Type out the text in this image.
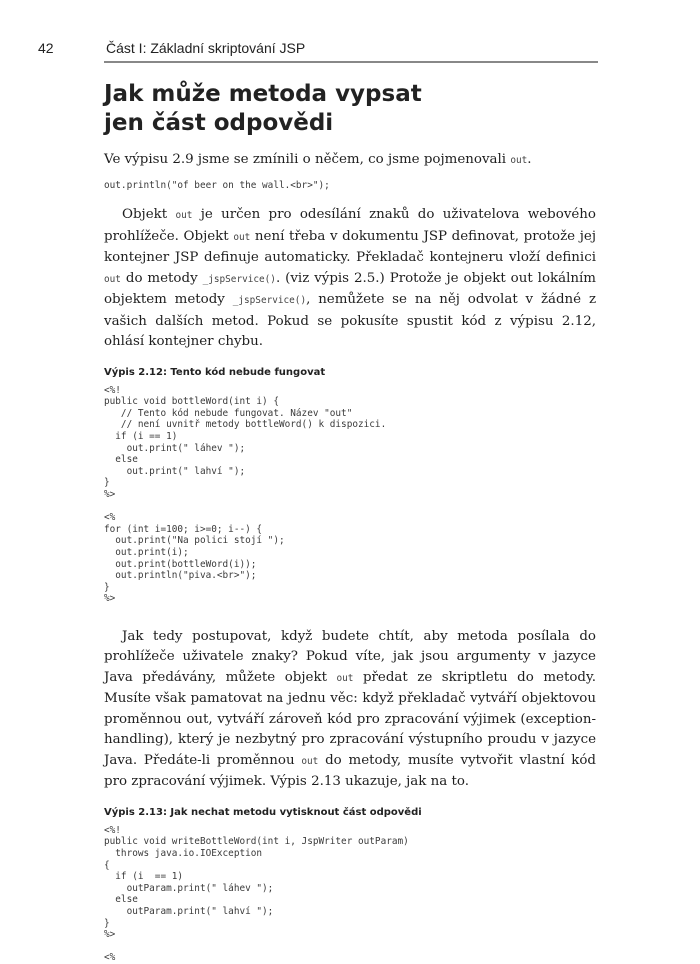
42	Část I: Základní skriptování JSP
Jak může metoda vypsat
jen část odpovědi

Ve výpisu 2.9 jsme se zmínili o něčem, co jsme pojmenovali out.

out.println("of beer on the wall.<br>");

Objekt out je určen pro odesílání znaků do uživatelova webového prohlížeče. Objekt out není třeba v dokumentu JSP definovat, protože jej kontejner JSP definuje automaticky. Překladač kontejneru vloží definici out do metody _jspService(). (viz výpis 2.5.) Protože je objekt out lokálním objektem metody _jspService(), nemůžete se na něj odvolat v žádné z vašich dalších metod. Pokud se pokusíte spustit kód z výpisu 2.12, ohlásí kontejner chybu.

Výpis 2.12: Tento kód nebude fungovat
<%!
public void bottleWord(int i) {
// Tento kód nebude fungovat. Název "out"
// není uvnitř metody bottleWord() k dispozici.
if (i == 1)
out.print(" láhev ");
else
out.print(" lahví ");
}
%>

<%
for (int i=100; i>=0; i--) {
out.print("Na polici stojí ");
out.print(i);
out.print(bottleWord(i));
out.println("piva.<br>");
}
%>

Jak tedy postupovat, když budete chtít, aby metoda posílala do prohlížeče uživatele znaky? Pokud víte, jak jsou argumenty v jazyce Java předávány, můžete objekt out předat ze skriptletu do metody. Musíte však pamatovat na jednu věc: když překladač vytváří objektovou proměnnou out, vytváří zároveň kód pro zpracování výjimek (exception-handling), který je nezbytný pro zpracování výstupního proudu v jazyce Java. Předáte-li proměnnou out do metody, musíte vytvořit vlastní kód pro zpracování výjimek. Výpis 2.13 ukazuje, jak na to.

Výpis 2.13: Jak nechat metodu vytisknout část odpovědi
<%!
public void writeBottleWord(int i, JspWriter outParam)
throws java.io.IOException
{
if (i  == 1)
outParam.print(" láhev ");
else
outParam.print(" lahví ");
}
%>

<%
